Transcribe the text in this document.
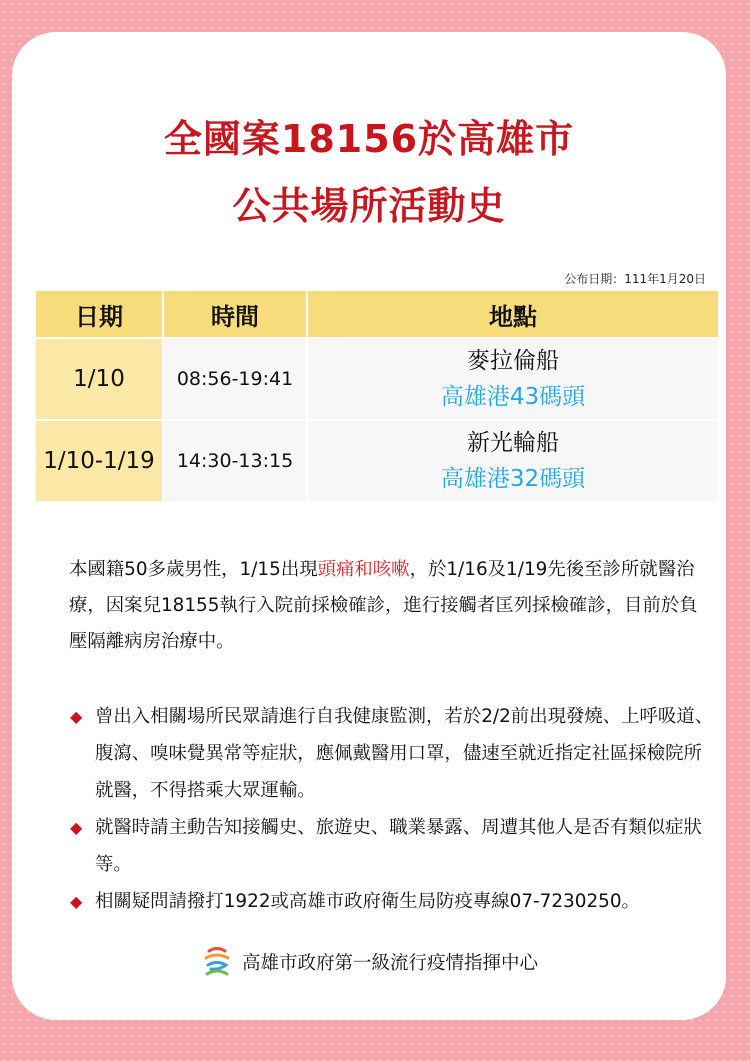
全國案18156於高雄市
公共場所活動史
公布日期：111年1月20日
日期	時間	地點
1/10	08:56-19:41	麥拉倫船
高雄港43碼頭

1/10-1/19	14:30-13:15	新光輪船
高雄港32碼頭
本國籍50多歲男性，1/15出現頭痛和咳嗽，於1/16及1/19先後至診所就醫治療，因案兒18155執行入院前採檢確診，進行接觸者匡列採檢確診，目前於負壓隔離病房治療中。
◆ 曾出入相關場所民眾請進行自我健康監測，若於2/2前出現發燒、上呼吸道、腹瀉、嗅味覺異常等症狀，應佩戴醫用口罩，儘速至就近指定社區採檢院所就醫，不得搭乘大眾運輸。
◆ 就醫時請主動告知接觸史、旅遊史、職業暴露、周遭其他人是否有類似症狀等。
◆ 相關疑問請撥打1922或高雄市政府衛生局防疫專線07-7230250。
高雄市政府第一級流行疫情指揮中心
